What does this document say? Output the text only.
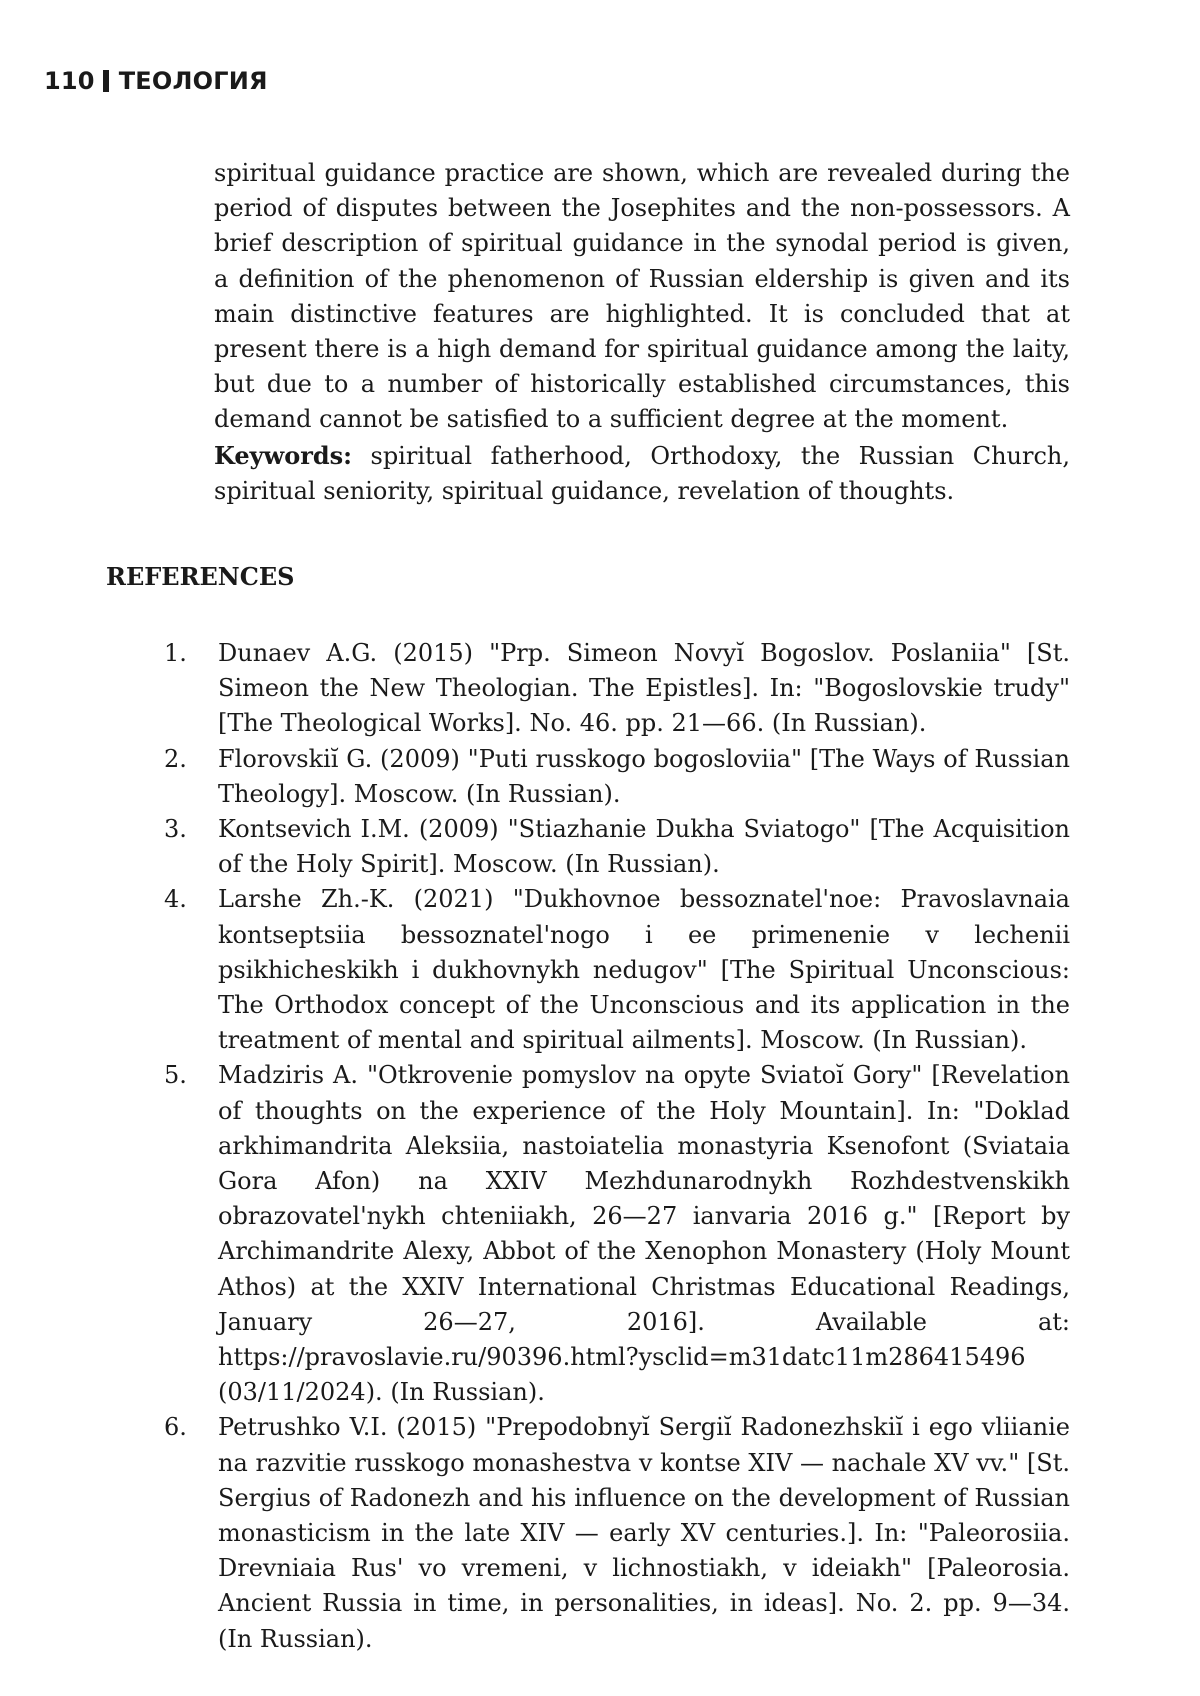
110 ТЕОЛОГИЯ

spiritual guidance practice are shown, which are revealed during the period of disputes between the Josephites and the non-possessors. A brief description of spiritual guidance in the synodal period is given, a definition of the phenomenon of Russian eldership is given and its main distinctive features are highlighted. It is concluded that at present there is a high demand for spiritual guidance among the laity, but due to a number of historically established circumstances, this demand cannot be satisfied to a sufficient degree at the moment.

Keywords: spiritual fatherhood, Orthodoxy, the Russian Church, spiritual seniority, spiritual guidance, revelation of thoughts.

REFERENCES
1.	Dunaev A.G. (2015) "Prp. Simeon Novyĭ Bogoslov. Poslaniia" [St. Simeon the New Theologian. The Epistles]. In: "Bogoslovskie trudy" [The Theological Works]. No. 46. pp. 21—66. (In Russian).
2.	Florovskiĭ G. (2009) "Puti russkogo bogosloviia" [The Ways of Russian Theology]. Moscow. (In Russian).
3.	Kontsevich I.M. (2009) "Stiazhanie Dukha Sviatogo" [The Acquisition of the Holy Spirit]. Moscow. (In Russian).
4.	Larshe Zh.-K. (2021) "Dukhovnoe bessoznatel'noe: Pravoslavnaia kontseptsiia bessoznatel'nogo i ee primenenie v lechenii psikhicheskikh i dukhovnykh nedugov" [The Spiritual Unconscious: The Orthodox concept of the Unconscious and its application in the treatment of mental and spiritual ailments]. Moscow. (In Russian).
5.	Madziris A. "Otkrovenie pomyslov na opyte Sviatoĭ Gory" [Revelation of thoughts on the experience of the Holy Mountain]. In: "Doklad arkhimandrita Aleksiia, nastoiatelia monastyria Ksenofont (Sviataia Gora Afon) na XXIV Mezhdunarodnykh Rozhdestvenskikh obrazovatel'nykh chteniiakh, 26—27 ianvaria 2016 g." [Report by Archimandrite Alexy, Abbot of the Xenophon Monastery (Holy Mount Athos) at the XXIV International Christmas Educational Readings, January 26—27, 2016]. Available at: https://pravoslavie.ru/90396.html?ysclid=m31datc11m286415496 (03/11/2024). (In Russian).
6.	Petrushko V.I. (2015) "Prepodobnyĭ Sergiĭ Radonezhskiĭ i ego vliianie na razvitie russkogo monashestva v kontse XIV — nachale XV vv." [St. Sergius of Radonezh and his influence on the development of Russian monasticism in the late XIV — early XV centuries.]. In: "Paleorosiia. Drevniaia Rus' vo vremeni, v lichnostiakh, v ideiakh" [Paleorosia. Ancient Russia in time, in personalities, in ideas]. No. 2. pp. 9—34. (In Russian).
